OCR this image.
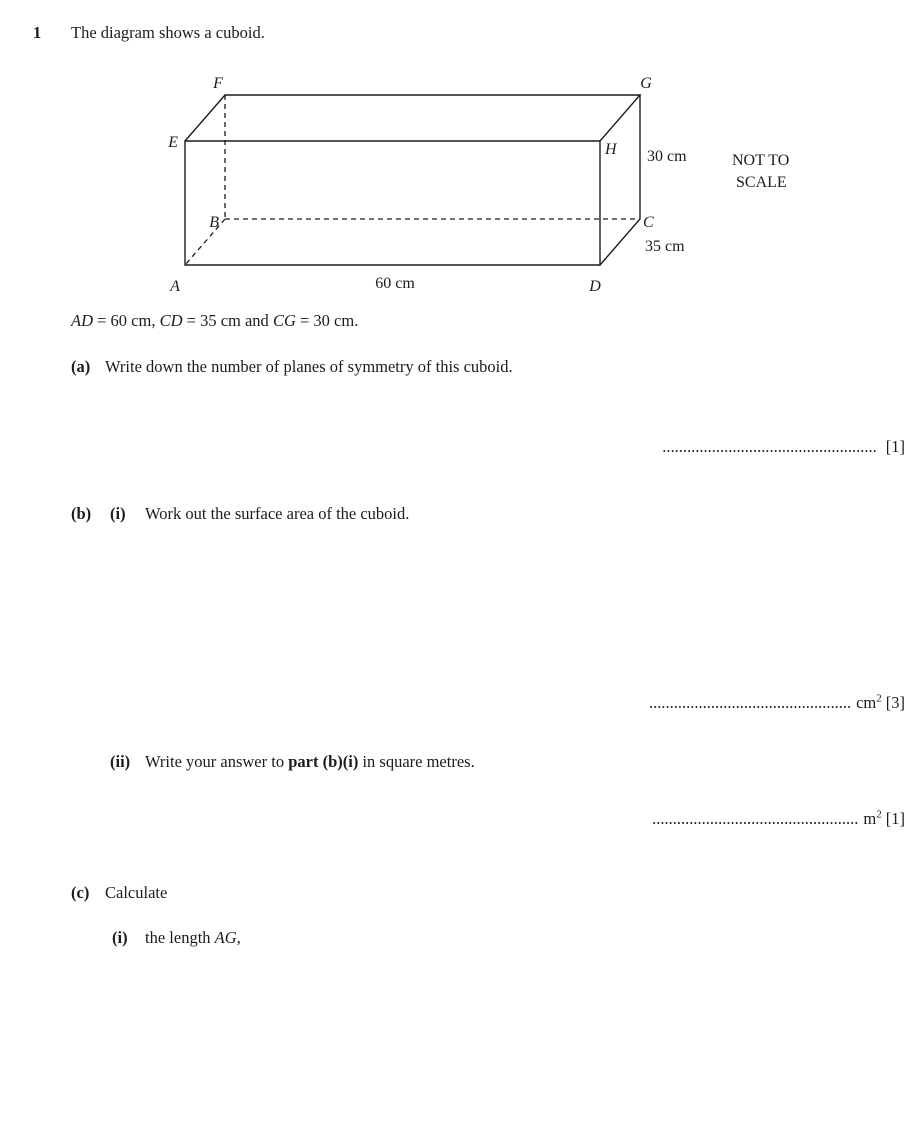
1 The diagram shows a cuboid.
F	G
E	H
B	C
A	D
30 cm
35 cm
60 cm
NOT TO
SCALE
AD = 60 cm, CD = 35 cm and CG = 30 cm.
(a) Write down the number of planes of symmetry of this cuboid.
.................................................... [1]
(b) (i) Work out the surface area of the cuboid.
................................................. $cm^2$ [3]
(ii) Write your answer to part (b)(i) in square metres.
.................................................. $m^2$ [1]
(c) Calculate
(i) the length AG,
